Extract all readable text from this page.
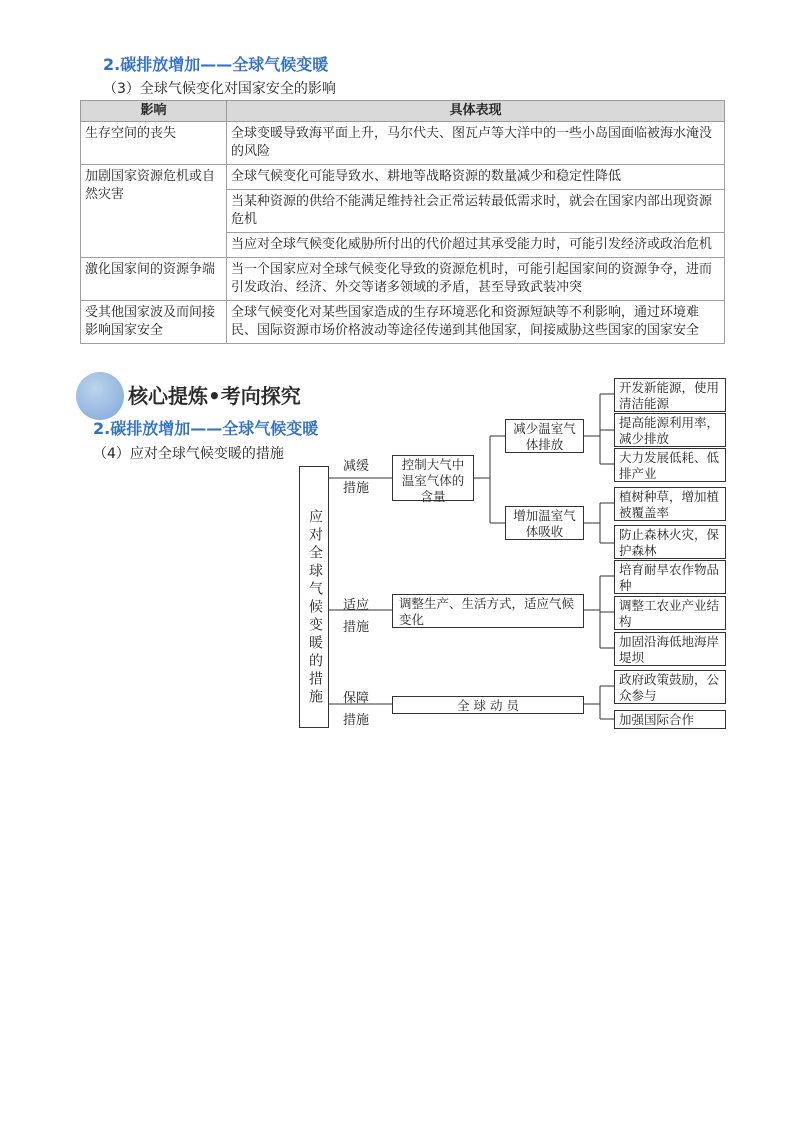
2.碳排放增加——全球气候变暖
（3）全球气候变化对国家安全的影响
影响	具体表现
生存空间的丧失	全球变暖导致海平面上升，马尔代夫、图瓦卢等大洋中的一些小岛国面临被海水淹没的风险
加剧国家资源危机或自然灾害	全球气候变化可能导致水、耕地等战略资源的数量减少和稳定性降低
	当某种资源的供给不能满足维持社会正常运转最低需求时，就会在国家内部出现资源危机
	当应对全球气候变化威胁所付出的代价超过其承受能力时，可能引发经济或政治危机
激化国家间的资源争端	当一个国家应对全球气候变化导致的资源危机时，可能引起国家间的资源争夺，进而引发政治、经济、外交等诸多领域的矛盾，甚至导致武装冲突
受其他国家波及而间接影响国家安全	全球气候变化对某些国家造成的生存环境恶化和资源短缺等不利影响，通过环境难民、国际资源市场价格波动等途径传递到其他国家，间接威胁这些国家的国家安全
核心提炼•考向探究
2.碳排放增加——全球气候变暖
（4）应对全球气候变暖的措施
应对全球气候变暖的措施
减缓措施
适应措施
保障措施
控制大气中温室气体的含量
减少温室气体排放
增加温室气体吸收
开发新能源，使用清洁能源
提高能源利用率，减少排放
大力发展低耗、低排产业
植树种草，增加植被覆盖率
防止森林火灾，保护森林
调整生产、生活方式，适应气候变化
培育耐旱农作物品种
调整工农业产业结构
加固沿海低地海岸堤坝
全 球 动 员
政府政策鼓励，公众参与
加强国际合作
